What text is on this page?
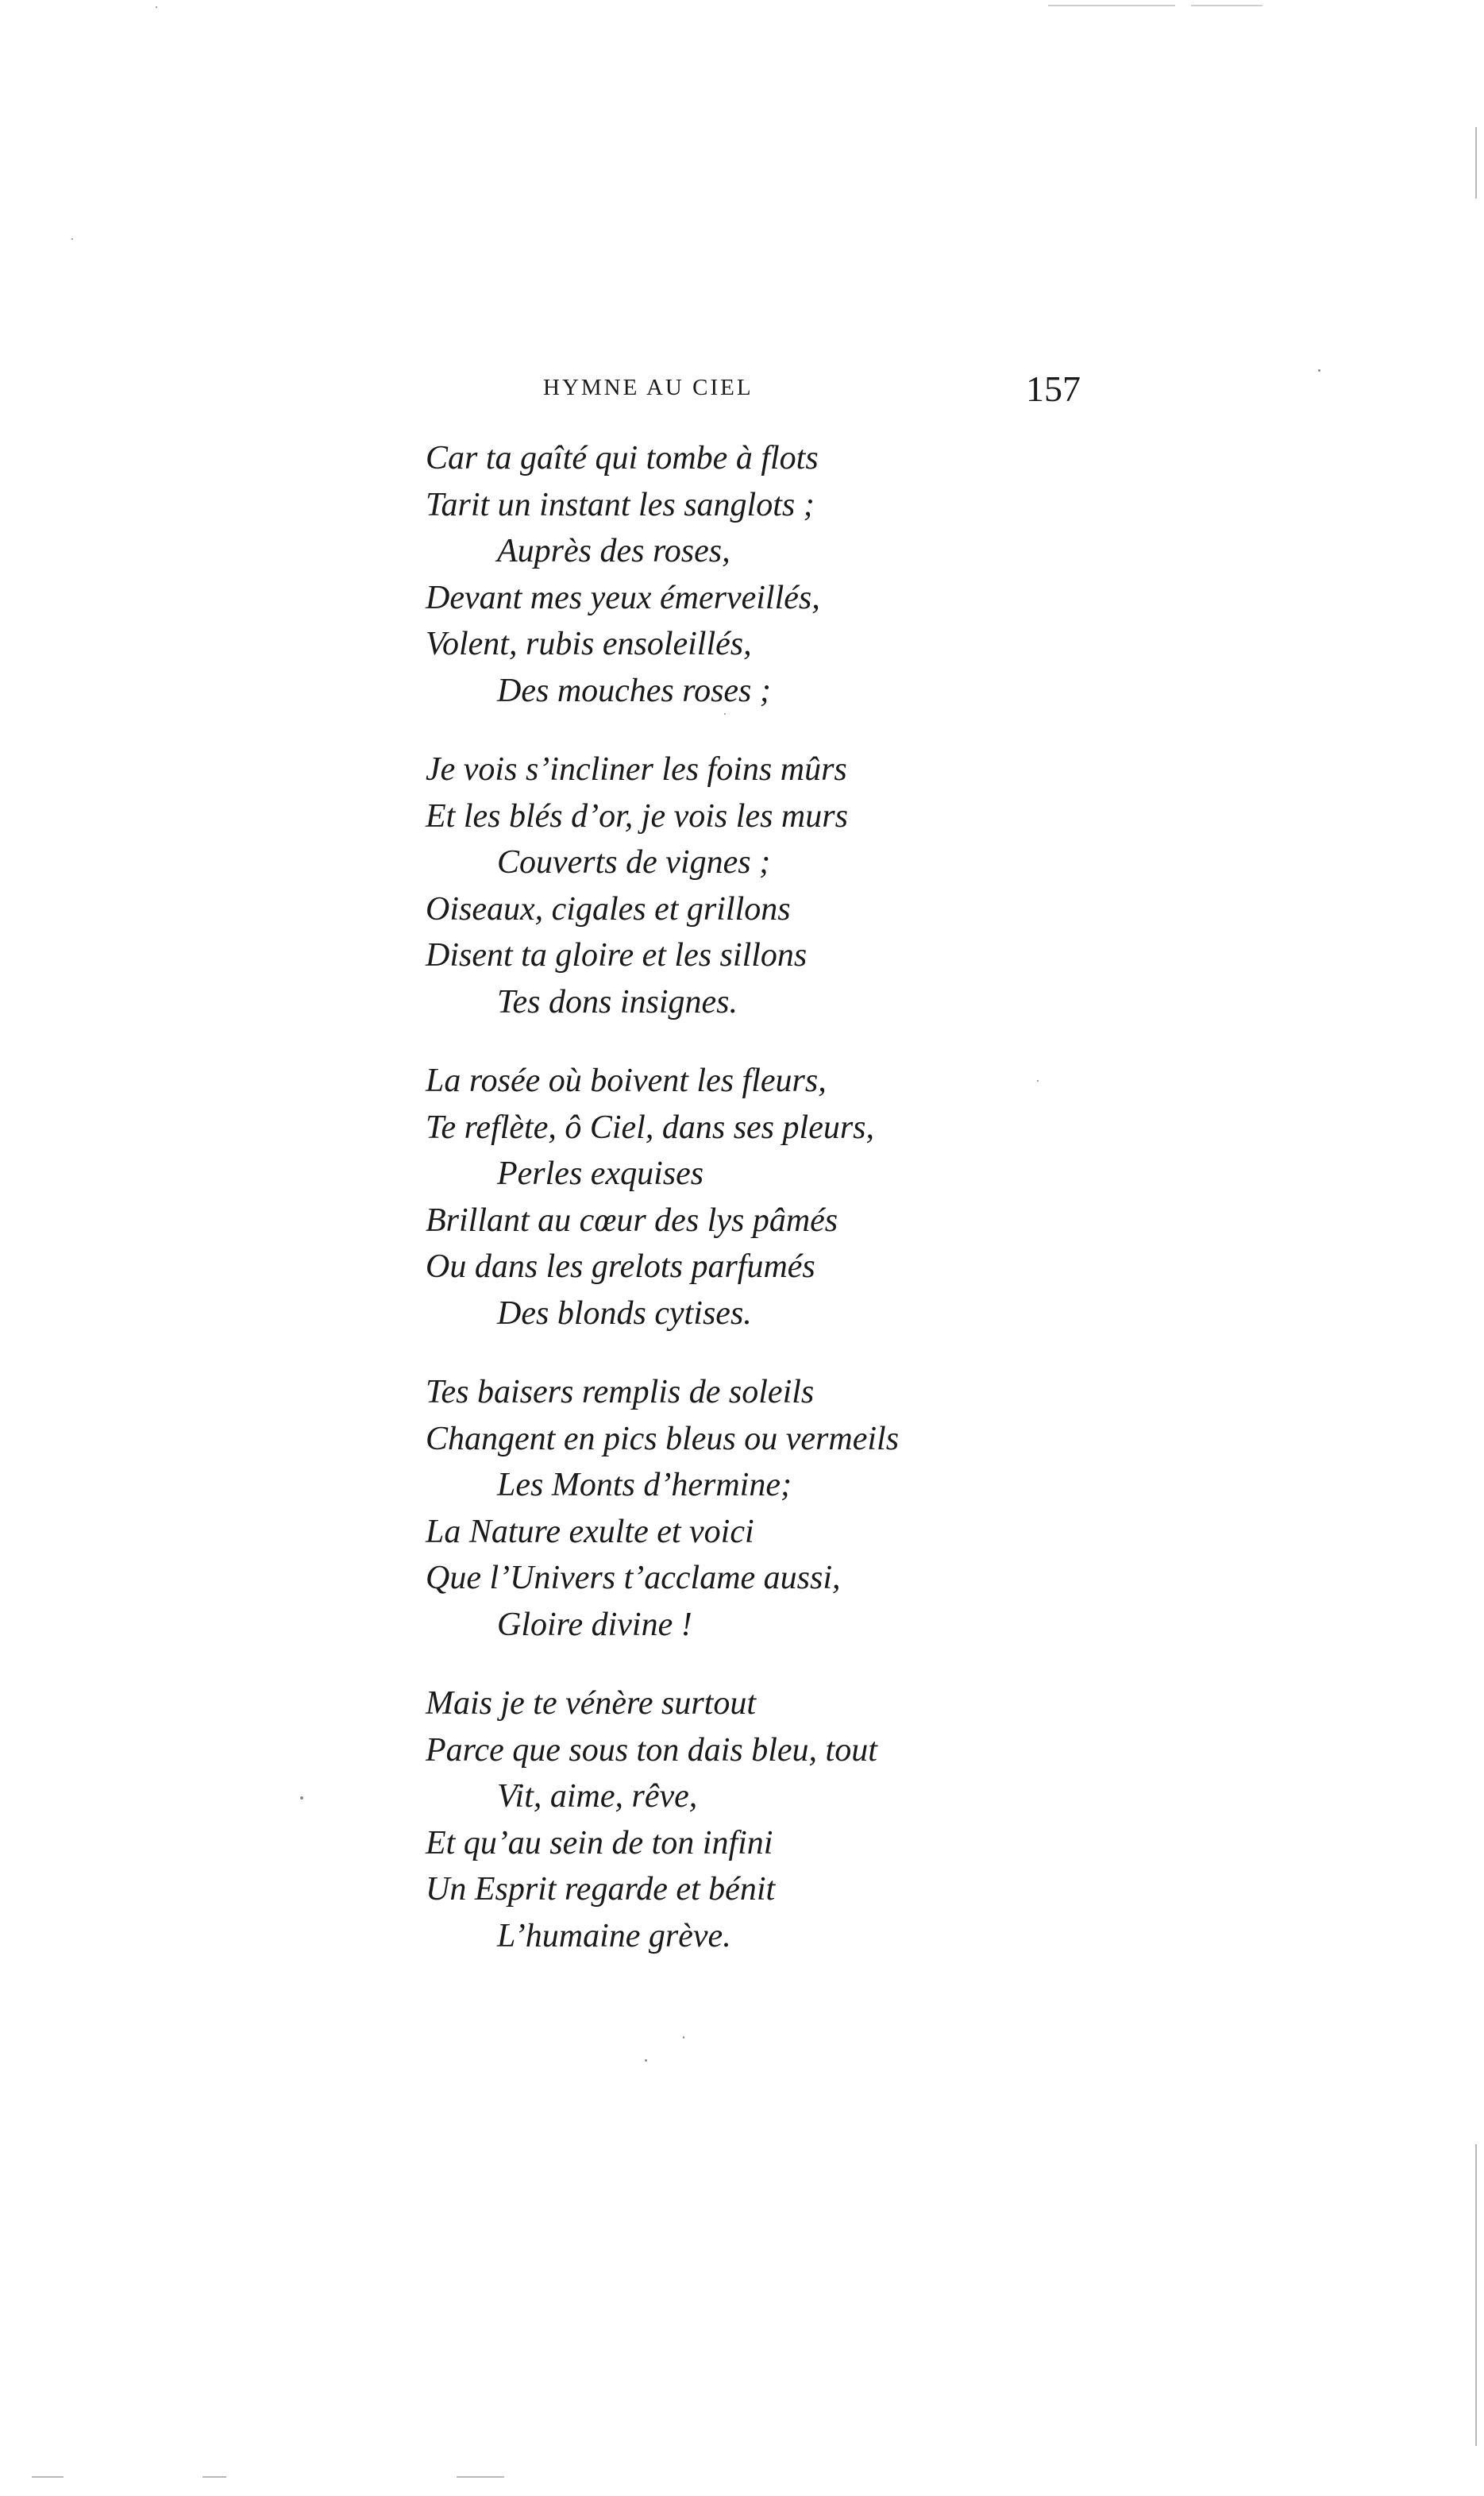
HYMNE AU CIEL	157
Car ta gaîté qui tombe à flots
Tarit un instant les sanglots ;
Auprès des roses,
Devant mes yeux émerveillés,
Volent, rubis ensoleillés,
Des mouches roses ;
Je vois s’incliner les foins mûrs
Et les blés d’or, je vois les murs
Couverts de vignes ;
Oiseaux, cigales et grillons
Disent ta gloire et les sillons
Tes dons insignes.
La rosée où boivent les fleurs,
Te reflète, ô Ciel, dans ses pleurs,
Perles exquises
Brillant au cœur des lys pâmés
Ou dans les grelots parfumés
Des blonds cytises.
Tes baisers remplis de soleils
Changent en pics bleus ou vermeils
Les Monts d’hermine;
La Nature exulte et voici
Que l’Univers t’acclame aussi,
Gloire divine !
Mais je te vénère surtout
Parce que sous ton dais bleu, tout
Vit, aime, rêve,
Et qu’au sein de ton infini
Un Esprit regarde et bénit
L’humaine grève.
